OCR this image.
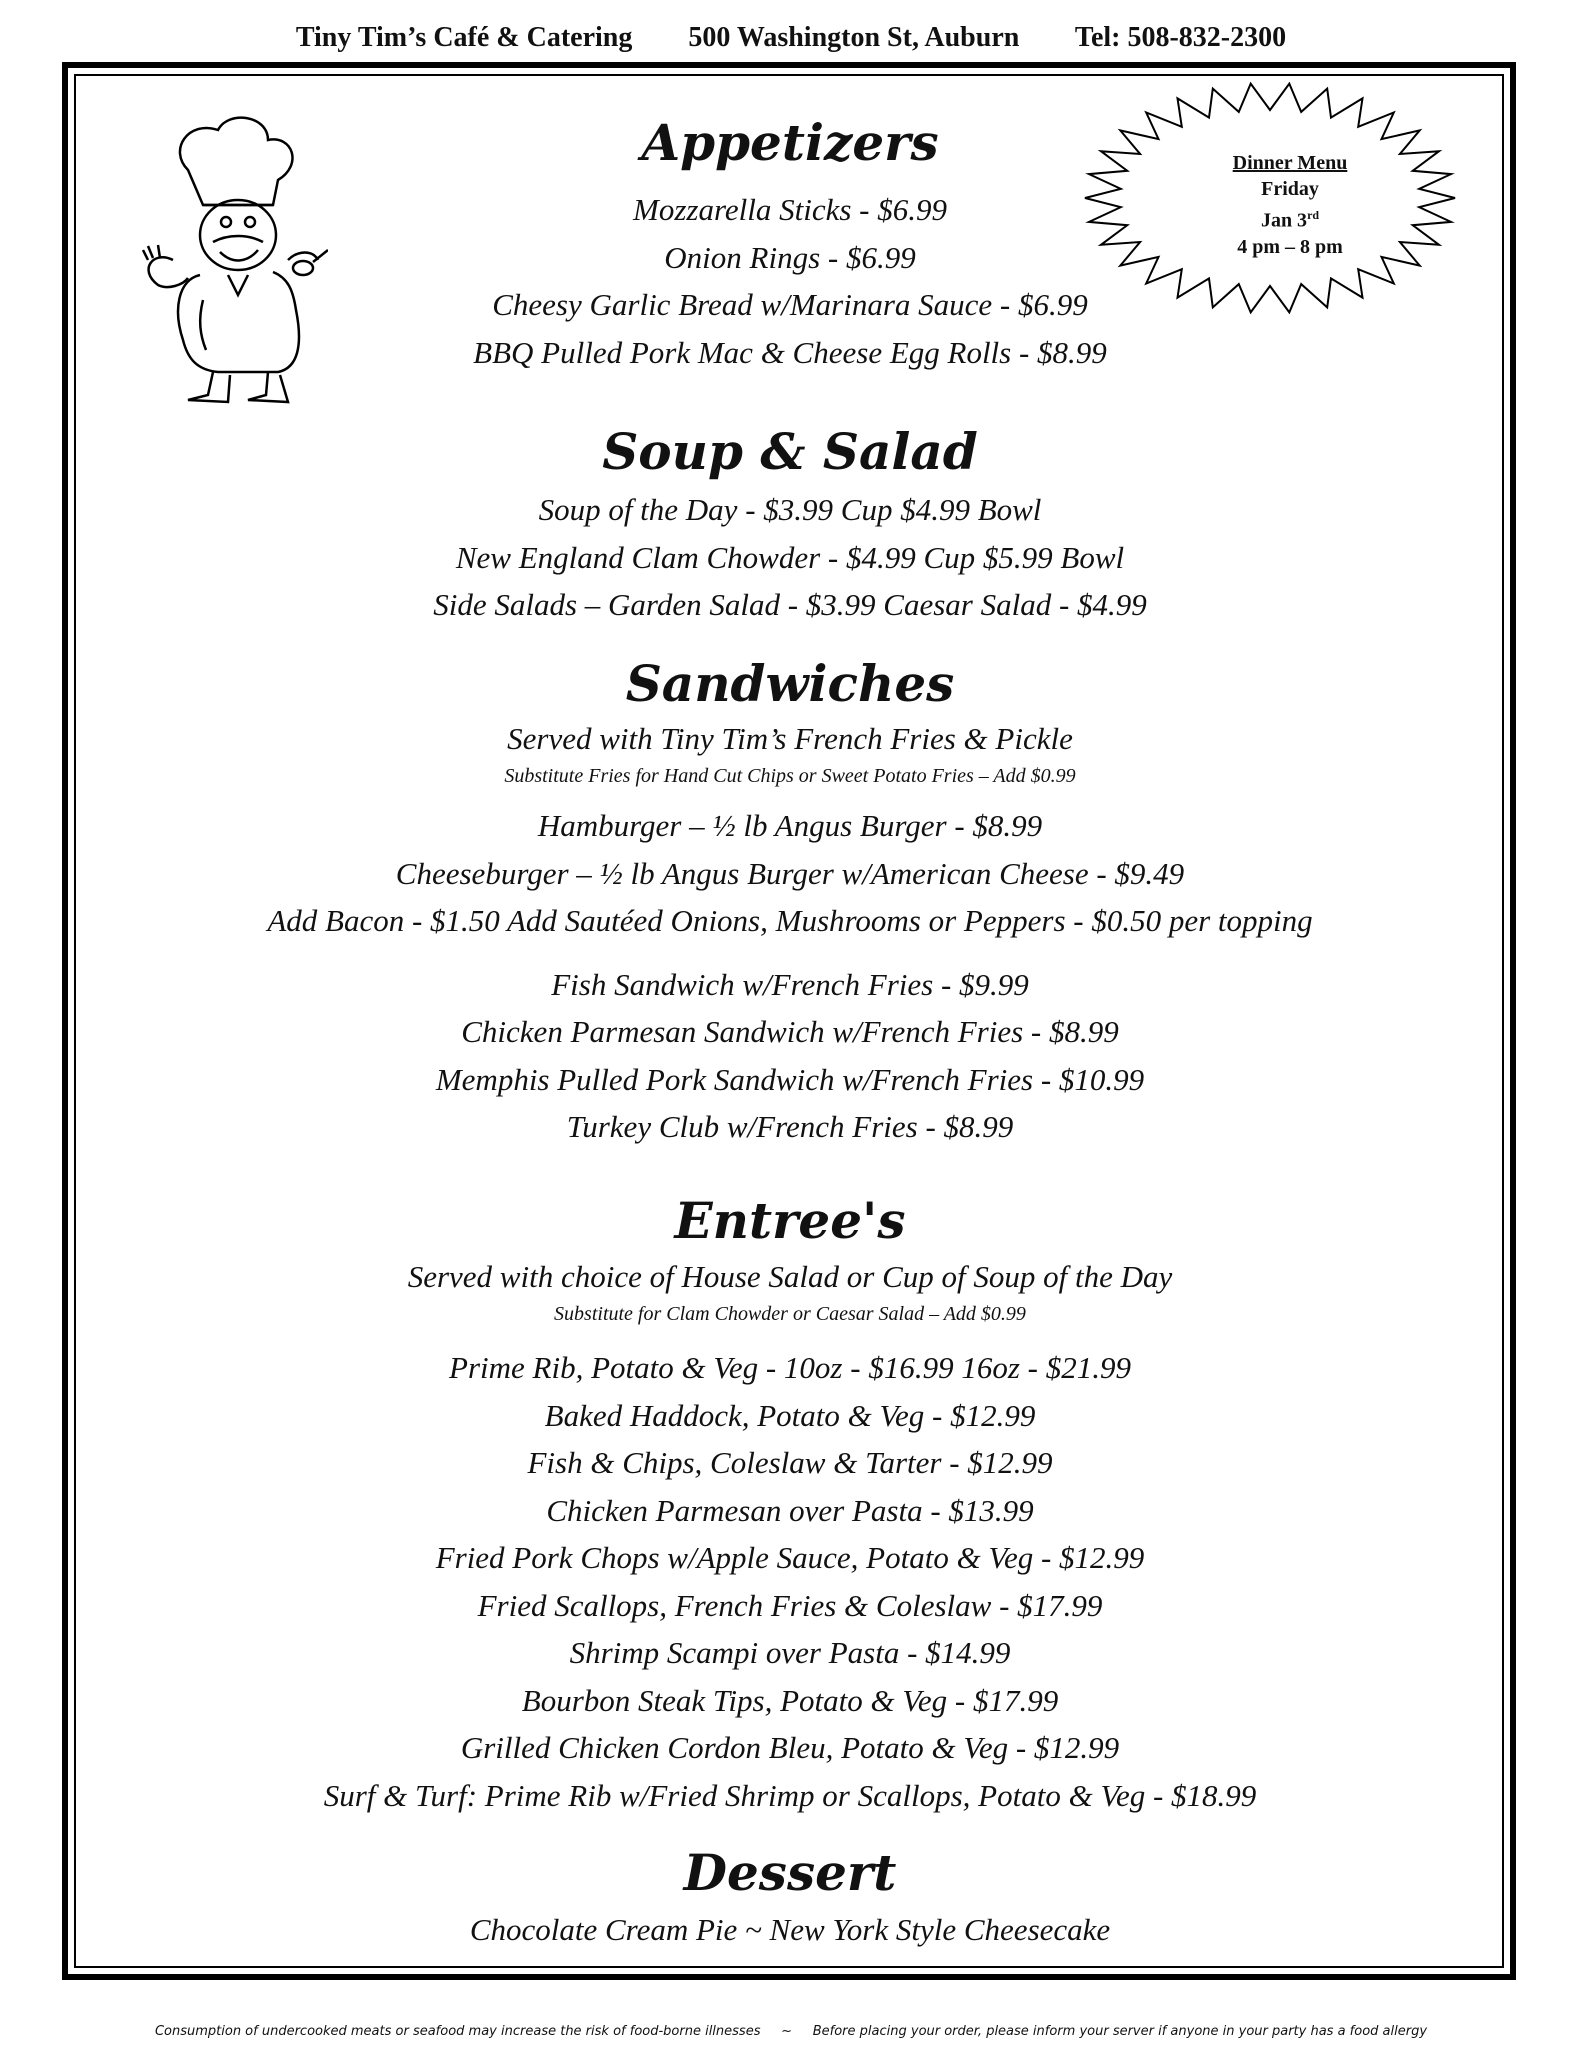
Tiny Tim’s Café & Catering 500 Washington St, Auburn Tel: 508-832-2300
Dinner Menu
Friday
Jan 3rd
4 pm – 8 pm
Appetizers
Mozzarella Sticks - $6.99
Onion Rings - $6.99
Cheesy Garlic Bread w/Marinara Sauce - $6.99
BBQ Pulled Pork Mac & Cheese Egg Rolls - $8.99
Soup & Salad
Soup of the Day - $3.99 Cup $4.99 Bowl
New England Clam Chowder - $4.99 Cup $5.99 Bowl
Side Salads – Garden Salad - $3.99 Caesar Salad - $4.99
Sandwiches
Served with Tiny Tim’s French Fries & Pickle
Substitute Fries for Hand Cut Chips or Sweet Potato Fries – Add $0.99
Hamburger – ½ lb Angus Burger - $8.99
Cheeseburger – ½ lb Angus Burger w/American Cheese - $9.49
Add Bacon - $1.50 Add Sautéed Onions, Mushrooms or Peppers - $0.50 per topping
Fish Sandwich w/French Fries - $9.99
Chicken Parmesan Sandwich w/French Fries - $8.99
Memphis Pulled Pork Sandwich w/French Fries - $10.99
Turkey Club w/French Fries - $8.99
Entree's
Served with choice of House Salad or Cup of Soup of the Day
Substitute for Clam Chowder or Caesar Salad – Add $0.99
Prime Rib, Potato & Veg - 10oz - $16.99 16oz - $21.99
Baked Haddock, Potato & Veg - $12.99
Fish & Chips, Coleslaw & Tarter - $12.99
Chicken Parmesan over Pasta - $13.99
Fried Pork Chops w/Apple Sauce, Potato & Veg - $12.99
Fried Scallops, French Fries & Coleslaw - $17.99
Shrimp Scampi over Pasta - $14.99
Bourbon Steak Tips, Potato & Veg - $17.99
Grilled Chicken Cordon Bleu, Potato & Veg - $12.99
Surf & Turf: Prime Rib w/Fried Shrimp or Scallops, Potato & Veg - $18.99
Dessert
Chocolate Cream Pie ~ New York Style Cheesecake
Consumption of undercooked meats or seafood may increase the risk of food-borne illnesses ~ Before placing your order, please inform your server if anyone in your party has a food allergy
